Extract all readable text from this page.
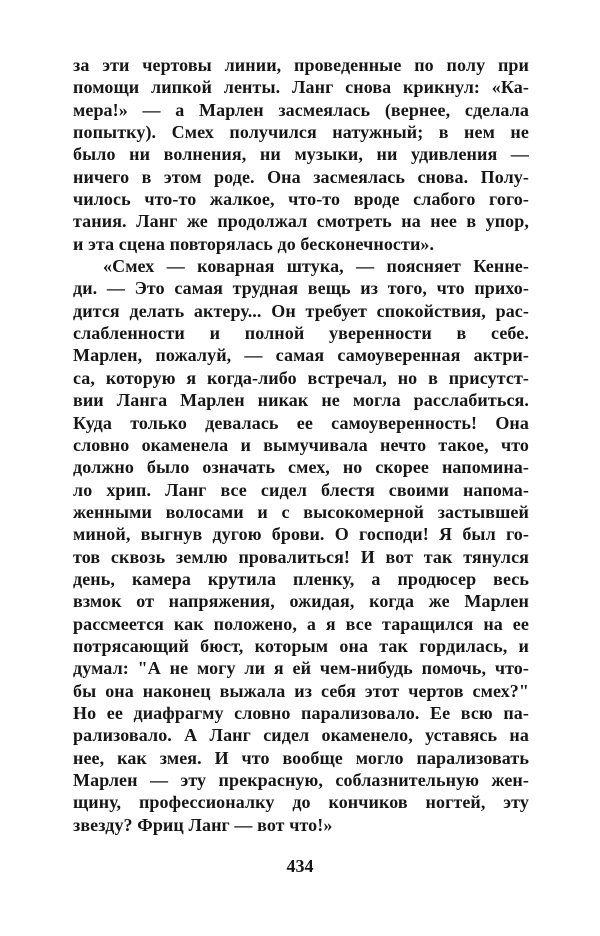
за эти чертовы линии, проведенные по полу при
помощи липкой ленты. Ланг снова крикнул: «Ка-
мера!» — а Марлен засмеялась (вернее, сделала
попытку). Смех получился натужный; в нем не
было ни волнения, ни музыки, ни удивления —
ничего в этом роде. Она засмеялась снова. Полу-
чилось что-то жалкое, что-то вроде слабого гого-
тания. Ланг же продолжал смотреть на нее в упор,
и эта сцена повторялась до бесконечности».
«Смех — коварная штука, — поясняет Кенне-
ди. — Это самая трудная вещь из того, что прихо-
дится делать актеру... Он требует спокойствия, рас-
слабленности и полной уверенности в себе.
Марлен, пожалуй, — самая самоуверенная актри-
са, которую я когда-либо встречал, но в присутст-
вии Ланга Марлен никак не могла расслабиться.
Куда только девалась ее самоуверенность! Она
словно окаменела и вымучивала нечто такое, что
должно было означать смех, но скорее напомина-
ло хрип. Ланг все сидел блестя своими напома-
женными волосами и с высокомерной застывшей
миной, выгнув дугою брови. О господи! Я был го-
тов сквозь землю провалиться! И вот так тянулся
день, камера крутила пленку, а продюсер весь
взмок от напряжения, ожидая, когда же Марлен
рассмеется как положено, а я все таращился на ее
потрясающий бюст, которым она так гордилась, и
думал: "А не могу ли я ей чем-нибудь помочь, что-
бы она наконец выжала из себя этот чертов смех?"
Но ее диафрагму словно парализовало. Ее всю па-
рализовало. А Ланг сидел окаменело, уставясь на
нее, как змея. И что вообще могло парализовать
Марлен — эту прекрасную, соблазнительную жен-
щину, профессионалку до кончиков ногтей, эту
звезду? Фриц Ланг — вот что!»
434
